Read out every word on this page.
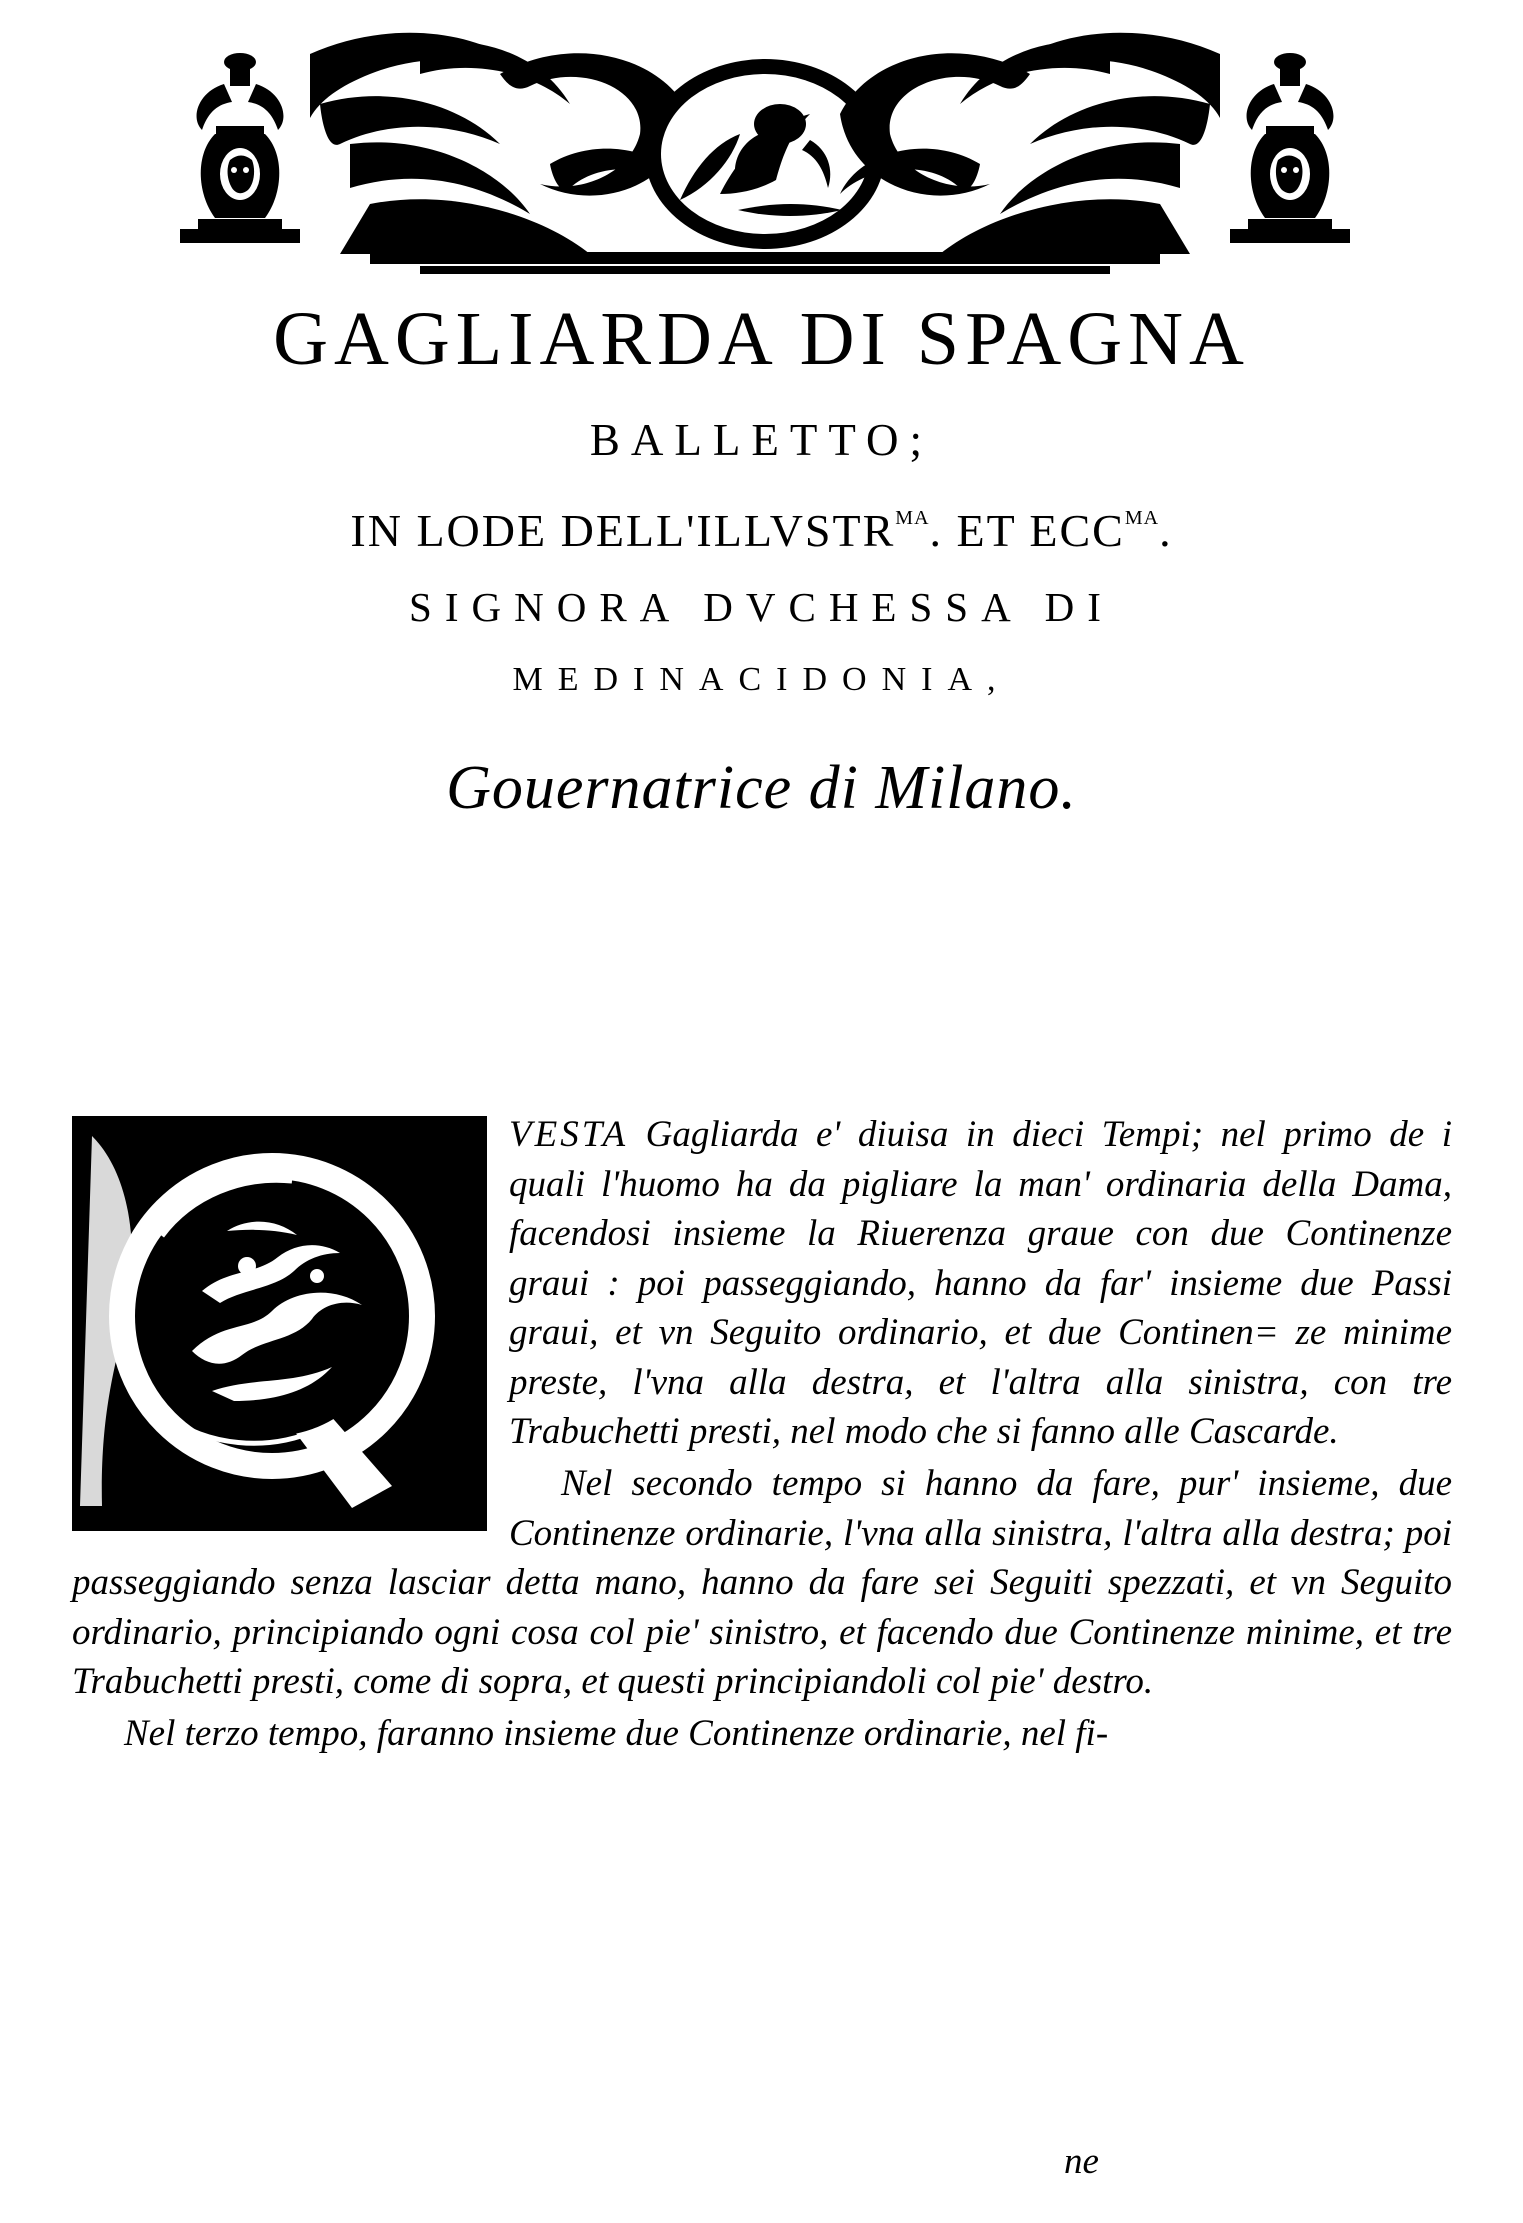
GAGLIARDA DI SPAGNA
BALLETTO;
IN LODE $DELL'ILLVSTR^{MA}$. ET $ECC^{MA}$.
SIGNORA DVCHESSA DI
MEDINACIDONIA,
Gouernatrice di Milano.

VESTA Gagliarda e' diuisa in dieci Tempi; nel primo de i quali l'huomo ha da pigliare la man' ordinaria della Dama, facendosi insieme la Riuerenza graue con due Continenze graui : poi passeggiando, hanno da far' insieme due Passi graui, et vn Seguito ordinario, et due Continen= ze minime preste, l'vna alla destra, et l'altra alla sinistra, con tre Trabuchetti presti, nel modo che si fanno alle Cascarde.

Nel secondo tempo si hanno da fare, pur' insieme, due Continenze ordinarie, l'vna alla sinistra, l'altra alla destra; poi passeggiando senza lasciar detta mano, hanno da fare sei Seguiti spezzati, et vn Seguito ordinario, principiando ogni cosa col pie' sinistro, et facendo due Continenze minime, et tre Trabuchetti presti, come di sopra, et questi principiandoli col pie' destro.

Nel terzo tempo, faranno insieme due Continenze ordinarie, nel fi-

ne
